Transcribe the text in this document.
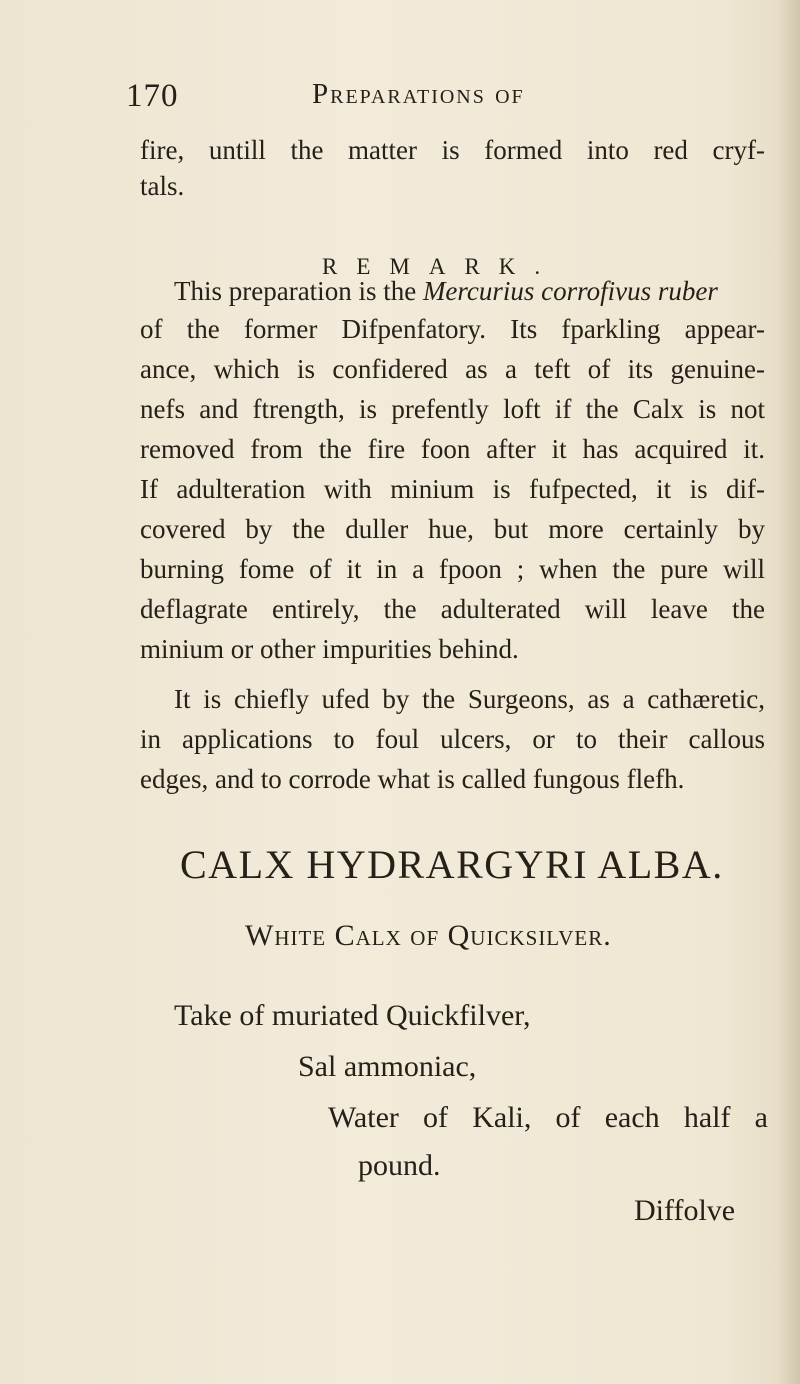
170	Preparations of
fire, untill the matter is formed into red cryf-
tals.
REMARK.
This preparation is the Mercurius corrofivus ruber
of the former Difpenfatory. Its fparkling appear-
ance, which is confidered as a teft of its genuine-
nefs and ftrength, is prefently loft if the Calx is not
removed from the fire foon after it has acquired it.
If adulteration with minium is fufpected, it is dif-
covered by the duller hue, but more certainly by
burning fome of it in a fpoon ; when the pure will
deflagrate entirely, the adulterated will leave the
minium or other impurities behind.
It is chiefly ufed by the Surgeons, as a cathæretic,
in applications to foul ulcers, or to their callous
edges, and to corrode what is called fungous flefh.
CALX HYDRARGYRI ALBA.
White Calx of Quicksilver.
Take of muriated Quickfilver,
Sal ammoniac,
Water of Kali, of each half a
pound.
Diffolve
